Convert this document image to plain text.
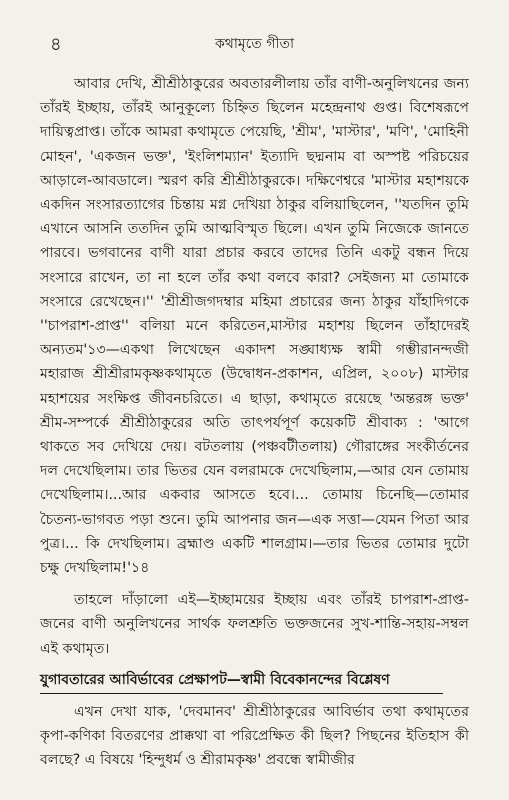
৪	কথামৃতে গীতা

আবার দেখি, শ্রীশ্রীঠাকুরের অবতারলীলায় তাঁর বাণী-অনুলিখনের জন্য তাঁরই ইচ্ছায়, তাঁরই আনুকূল্যে চিহ্নিত ছিলেন মহেন্দ্রনাথ গুপ্ত। বিশেষরূপে দায়িত্বপ্রাপ্ত। তাঁকে আমরা কথামৃতে পেয়েছি, 'শ্রীম', 'মাস্টার', 'মণি', 'মোহিনী মোহন', 'একজন ভক্ত', 'ইংলিশম্যান' ইত্যাদি ছদ্মনাম বা অস্পষ্ট পরিচয়ের আড়ালে-আবডালে। স্মরণ করি শ্রীশ্রীঠাকুরকে। দক্ষিণেশ্বরে 'মাস্টার মহাশয়কে একদিন সংসারত্যাগের চিন্তায় মগ্ন দেখিয়া ঠাকুর বলিয়াছিলেন, ''যতদিন তুমি এখানে আসনি ততদিন তুমি আত্মবিস্মৃত ছিলে। এখন তুমি নিজেকে জানতে পারবে। ভগবানের বাণী যারা প্রচার করবে তাদের তিনি একটু বন্ধন দিয়ে সংসারে রাখেন, তা না হলে তাঁর কথা বলবে কারা? সেইজন্য মা তোমাকে সংসারে রেখেছেন।'' 'শ্রীশ্রীজগদম্বার মহিমা প্রচারের জন্য ঠাকুর যাঁহাদিগকে ''চাপরাশ-প্রাপ্ত'' বলিয়া মনে করিতেন,মাস্টার মহাশয় ছিলেন তাঁহাদেরই অন্যতম'১৩—একথা লিখেছেন একাদশ সঙ্ঘাধ্যক্ষ স্বামী গম্ভীরানন্দজী মহারাজ শ্রীশ্রীরামকৃষ্ণকথামৃতে (উদ্বোধন-প্রকাশন, এপ্রিল, ২০০৮) মাস্টার মহাশয়ের সংক্ষিপ্ত জীবনচরিতে। এ ছাড়া, কথামৃতে রয়েছে 'অন্তরঙ্গ ভক্ত' শ্রীম-সম্পর্কে শ্রীশ্রীঠাকুরের অতি তাৎপর্যপূর্ণ কয়েকটি শ্রীবাক্য : 'আগে থাকতে সব দেখিয়ে দেয়। বটতলায় (পঞ্চবটীতলায়) গৌরাঙ্গের সংকীর্তনের দল দেখেছিলাম। তার ভিতর যেন বলরামকে দেখেছিলাম,—আর যেন তোমায় দেখেছিলাম।...আর একবার আসতে হবে।... তোমায় চিনেছি—তোমার চৈতন্য-ভাগবত পড়া শুনে। তুমি আপনার জন—এক সত্তা—যেমন পিতা আর পুত্র।... কি দেখছিলাম। ব্রহ্মাণ্ড একটি শালগ্রাম।—তার ভিতর তোমার দুটো চক্ষু দেখছিলাম!'১৪

তাহলে দাঁড়ালো এই—ইচ্ছাময়ের ইচ্ছায় এবং তাঁরই চাপরাশ-প্রাপ্ত- জনের বাণী অনুলিখনের সার্থক ফলশ্রুতি ভক্তজনের সুখ-শান্তি-সহায়-সম্বল এই কথামৃত।

যুগাবতারের আবির্ভাবের প্রেক্ষাপট—স্বামী বিবেকানন্দের বিশ্লেষণ

এখন দেখা যাক, 'দেবমানব' শ্রীশ্রীঠাকুরের আবির্ভাব তথা কথামৃতের কৃপা-কণিকা বিতরণের প্রাক্কথা বা পরিপ্রেক্ষিত কী ছিল? পিছনের ইতিহাস কী বলছে? এ বিষয়ে 'হিন্দুধর্ম ও শ্রীরামকৃষ্ণ' প্রবন্ধে স্বামীজীর
